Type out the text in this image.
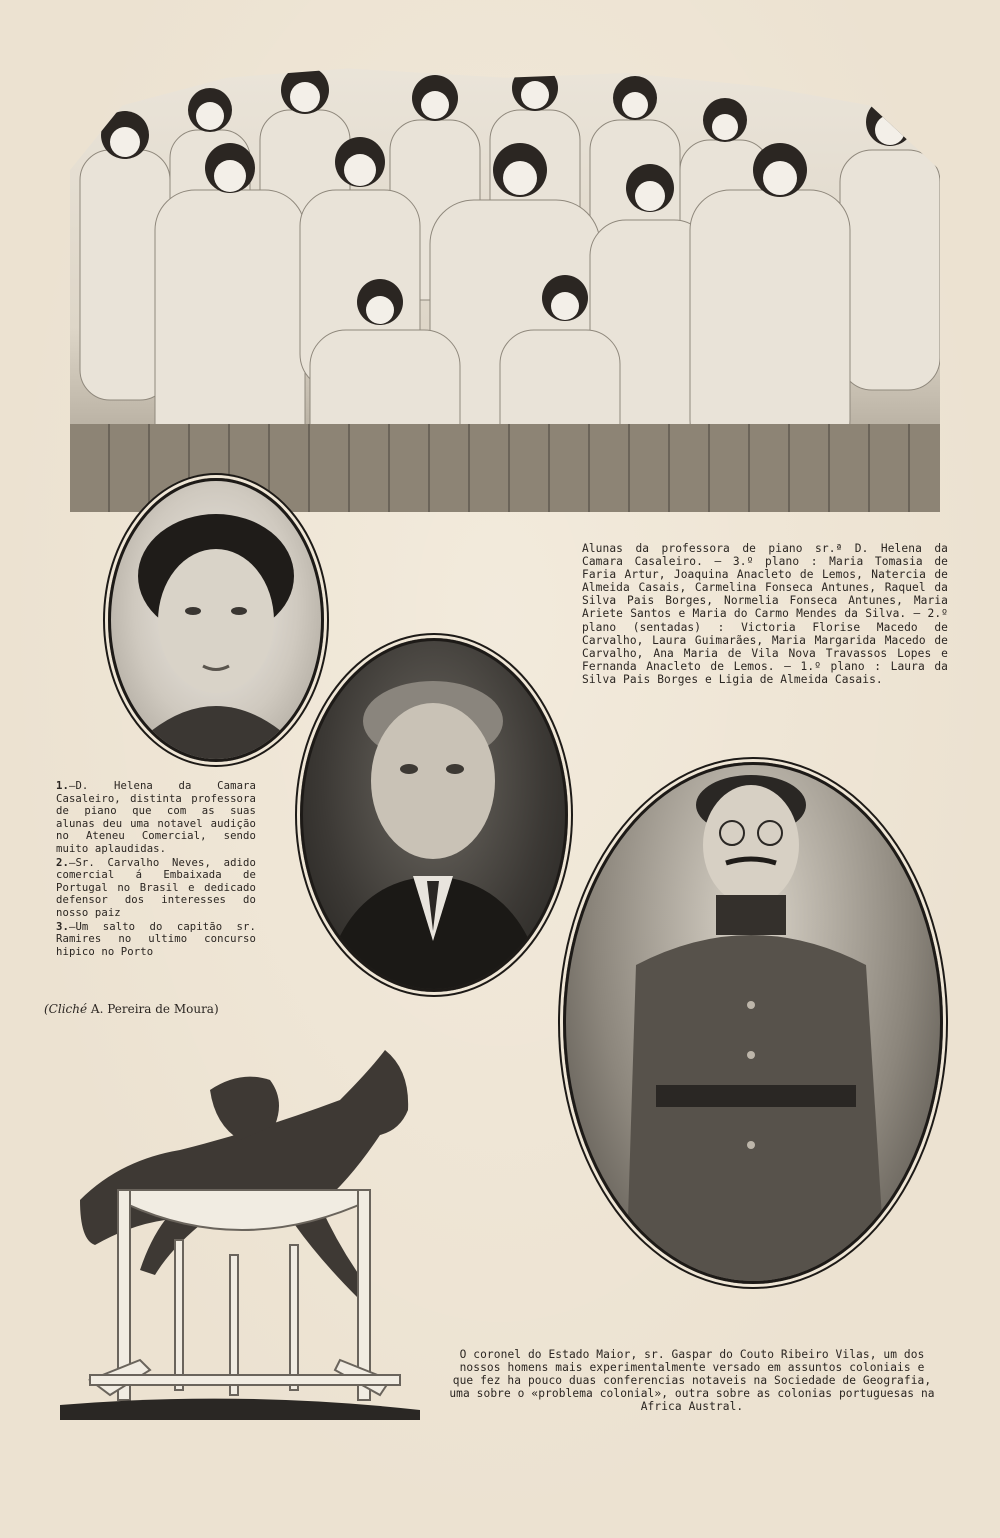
Alunas da professora de piano sr.ª D. Helena da Camara Casaleiro. — 3.º plano : Maria Tomasia de Faria Artur, Joaquina Anacleto de Lemos, Natercia de Almeida Casais, Carmelina Fonseca Antunes, Raquel da Silva Pais Borges, Normelia Fonseca Antunes, Maria Ariete Santos e Maria do Carmo Mendes da Silva. — 2.º plano (sentadas) : Victoria Florise Macedo de Carvalho, Laura Guimarães, Maria Margarida Macedo de Carvalho, Ana Maria de Vila Nova Travassos Lopes e Fernanda Anacleto de Lemos. — 1.º plano : Laura da Silva Pais Borges e Ligia de Almeida Casais.

1.—D. Helena da Camara Casaleiro, distinta professora de piano que com as suas alunas deu uma notavel audição no Ateneu Comercial, sendo muito aplaudidas.

2.—Sr. Carvalho Neves, adido comercial á Embaixada de Portugal no Brasil e dedicado defensor dos interesses do nosso paiz

3.—Um salto do capitão sr. Ramires no ultimo concurso hipico no Porto

(Cliché A. Pereira de Moura)
O coronel do Estado Maior, sr. Gaspar do Couto Ribeiro Vilas, um dos nossos homens mais experimentalmente versado em assuntos coloniais e que fez ha pouco duas conferencias notaveis na Sociedade de Geografia, uma sobre o «problema colonial», outra sobre as colonias portuguesas na Africa Austral.
